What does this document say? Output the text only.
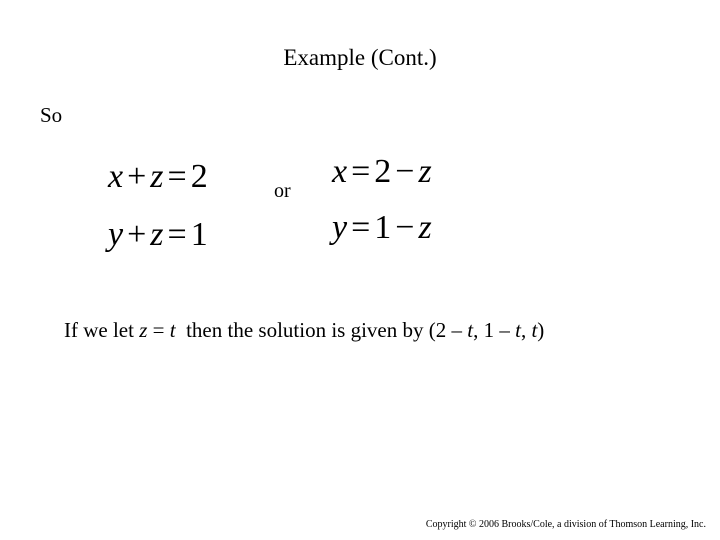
Example (Cont.)
So
x + z = 2
y + z = 1
or
x = 2 − z
y = 1 − z
If we let z = t  then the solution is given by (2 – t, 1 – t, t)
Copyright © 2006 Brooks/Cole, a division of Thomson Learning, Inc.
